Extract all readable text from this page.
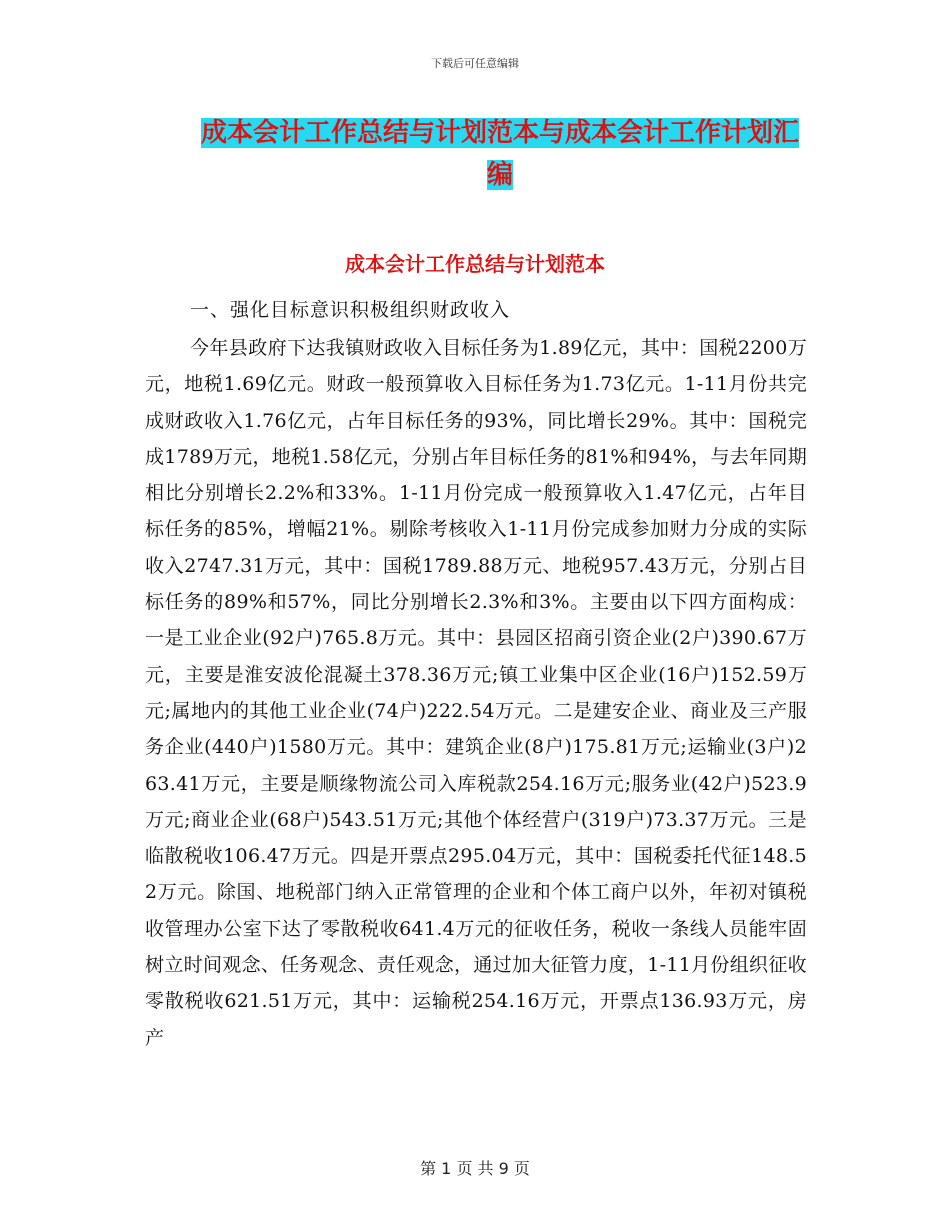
下载后可任意编辑
成本会计工作总结与计划范本与成本会计工作计划汇编
成本会计工作总结与计划范本

一、强化目标意识积极组织财政收入

今年县政府下达我镇财政收入目标任务为1.89亿元，其中：国税2200万元，地税1.69亿元。财政一般预算收入目标任务为1.73亿元。1-11月份共完成财政收入1.76亿元，占年目标任务的93%，同比增长29%。其中：国税完成1789万元，地税1.58亿元，分别占年目标任务的81%和94%，与去年同期相比分别增长2.2%和33%。1-11月份完成一般预算收入1.47亿元，占年目标任务的85%，增幅21%。剔除考核收入1-11月份完成参加财力分成的实际收入2747.31万元，其中：国税1789.88万元、地税957.43万元，分别占目标任务的89%和57%，同比分别增长2.3%和3%。主要由以下四方面构成：一是工业企业(92户)765.8万元。其中：县园区招商引资企业(2户)390.67万元，主要是淮安波伦混凝土378.36万元;镇工业集中区企业(16户)152.59万元;属地内的其他工业企业(74户)222.54万元。二是建安企业、商业及三产服务企业(440户)1580万元。其中：建筑企业(8户)175.81万元;运输业(3户)263.41万元，主要是顺缘物流公司入库税款254.16万元;服务业(42户)523.9万元;商业企业(68户)543.51万元;其他个体经营户(319户)73.37万元。三是临散税收106.47万元。四是开票点295.04万元，其中：国税委托代征148.52万元。除国、地税部门纳入正常管理的企业和个体工商户以外，年初对镇税收管理办公室下达了零散税收641.4万元的征收任务，税收一条线人员能牢固树立时间观念、任务观念、责任观念，通过加大征管力度，1-11月份组织征收零散税收621.51万元，其中：运输税254.16万元，开票点136.93万元，房产

第 1 页 共 9 页
